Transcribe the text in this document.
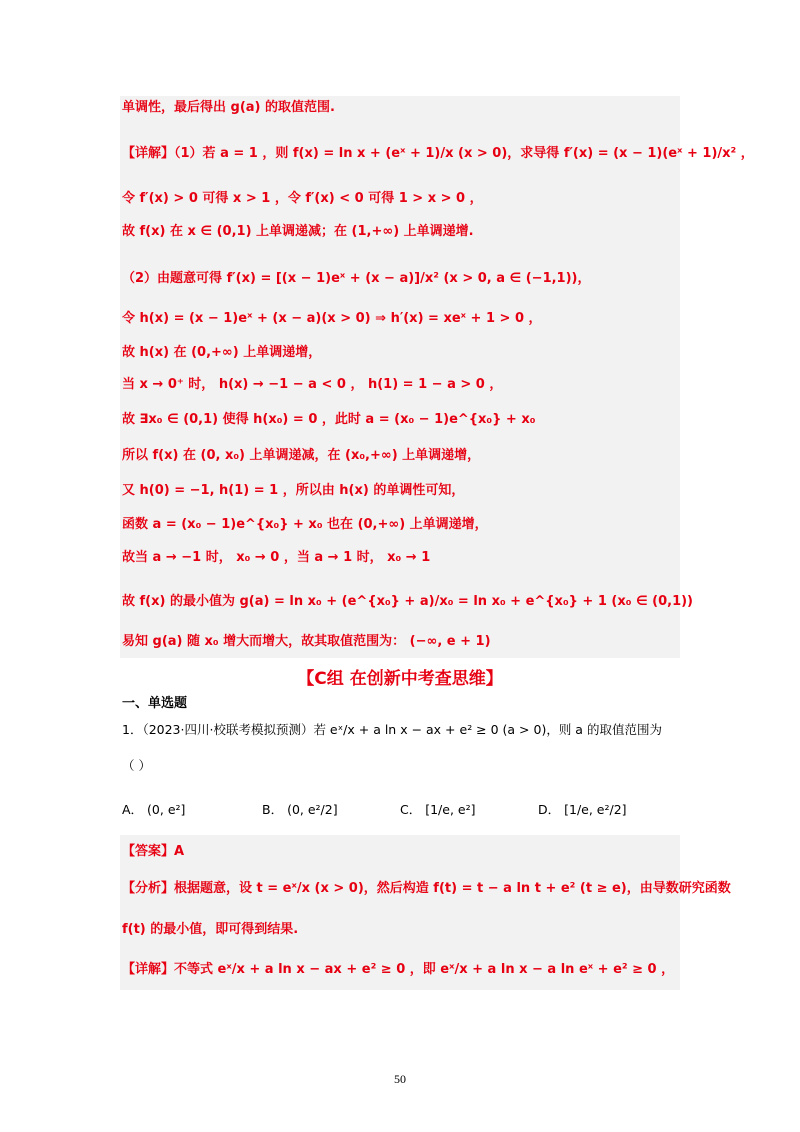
单调性，最后得出 g(a) 的取值范围.
【详解】（1）若 a = 1 ，则 f(x) = ln x + (eˣ + 1)/x (x > 0)，求导得 f′(x) = (x − 1)(eˣ + 1)/x² ，
令 f′(x) > 0 可得 x > 1 ，令 f′(x) < 0 可得 1 > x > 0 ，
故 f(x) 在 x ∈ (0,1) 上单调递减；在 (1,+∞) 上单调递增.
（2）由题意可得 f′(x) = [(x − 1)eˣ + (x − a)]/x² (x > 0, a ∈ (−1,1))，
令 h(x) = (x − 1)eˣ + (x − a)(x > 0) ⇒ h′(x) = xeˣ + 1 > 0 ，
故 h(x) 在 (0,+∞) 上单调递增，
当 x → 0⁺ 时， h(x) → −1 − a < 0 ， h(1) = 1 − a > 0 ，
故 ∃x₀ ∈ (0,1) 使得 h(x₀) = 0 ，此时 a = (x₀ − 1)e^{x₀} + x₀
所以 f(x) 在 (0, x₀) 上单调递减，在 (x₀,+∞) 上单调递增，
又 h(0) = −1, h(1) = 1 ，所以由 h(x) 的单调性可知，
函数 a = (x₀ − 1)e^{x₀} + x₀ 也在 (0,+∞) 上单调递增，
故当 a → −1 时， x₀ → 0 ，当 a → 1 时， x₀ → 1
故 f(x) 的最小值为 g(a) = ln x₀ + (e^{x₀} + a)/x₀ = ln x₀ + e^{x₀} + 1 (x₀ ∈ (0,1))
易知 g(a) 随 x₀ 增大而增大，故其取值范围为： (−∞, e + 1)
【C组 在创新中考查思维】
一、单选题
1．（2023·四川·校联考模拟预测）若 eˣ/x + a ln x − ax + e² ≥ 0 (a > 0)，则 a 的取值范围为
（ ）
A． (0, e²]	B． (0, e²/2]	C． [1/e, e²]	D． [1/e, e²/2]
【答案】A
【分析】根据题意，设 t = eˣ/x (x > 0)，然后构造 f(t) = t − a ln t + e² (t ≥ e)，由导数研究函数
f(t) 的最小值，即可得到结果.
【详解】不等式 eˣ/x + a ln x − ax + e² ≥ 0 ，即 eˣ/x + a ln x − a ln eˣ + e² ≥ 0 ，
50
